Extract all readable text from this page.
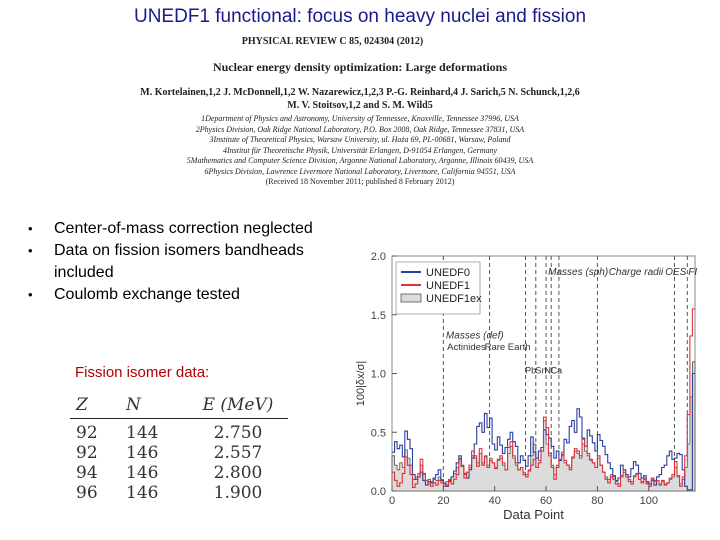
UNEDF1 functional: focus on heavy nuclei and fission
PHYSICAL REVIEW C 85, 024304 (2012)
Nuclear energy density optimization: Large deformations
M. Kortelainen,1,2 J. McDonnell,1,2 W. Nazarewicz,1,2,3 P.-G. Reinhard,4 J. Sarich,5 N. Schunck,1,2,6
M. V. Stoitsov,1,2 and S. M. Wild5
1Department of Physics and Astronomy, University of Tennessee, Knoxville, Tennessee 37996, USA
2Physics Division, Oak Ridge National Laboratory, P.O. Box 2008, Oak Ridge, Tennessee 37831, USA
3Institute of Theoretical Physics, Warsaw University, ul. Hoża 69, PL-00681, Warsaw, Poland
4Institut für Theoretische Physik, Universität Erlangen, D-91054 Erlangen, Germany
5Mathematics and Computer Science Division, Argonne National Laboratory, Argonne, Illinois 60439, USA
6Physics Division, Lawrence Livermore National Laboratory, Livermore, California 94551, USA
(Received 18 November 2011; published 8 February 2012)
• Center-of-mass correction neglected
• Data on fission isomers bandheads included
• Coulomb exchange tested
Fission isomer data:
Z	N	E (MeV)
92	144	2.750
92	146	2.557
94	146	2.800
96	146	1.900	0.0
0.5
1.0
1.5
2.0
0	20	40	60	80	100
Data Point
100|δx/σ|
UNEDF0
UNEDF1
UNEDF1ex
Charge radii
Masses (sph)	OES FI
Masses (def)
Actinides
Rare Earth
Pb Sn
Ni
Ca
